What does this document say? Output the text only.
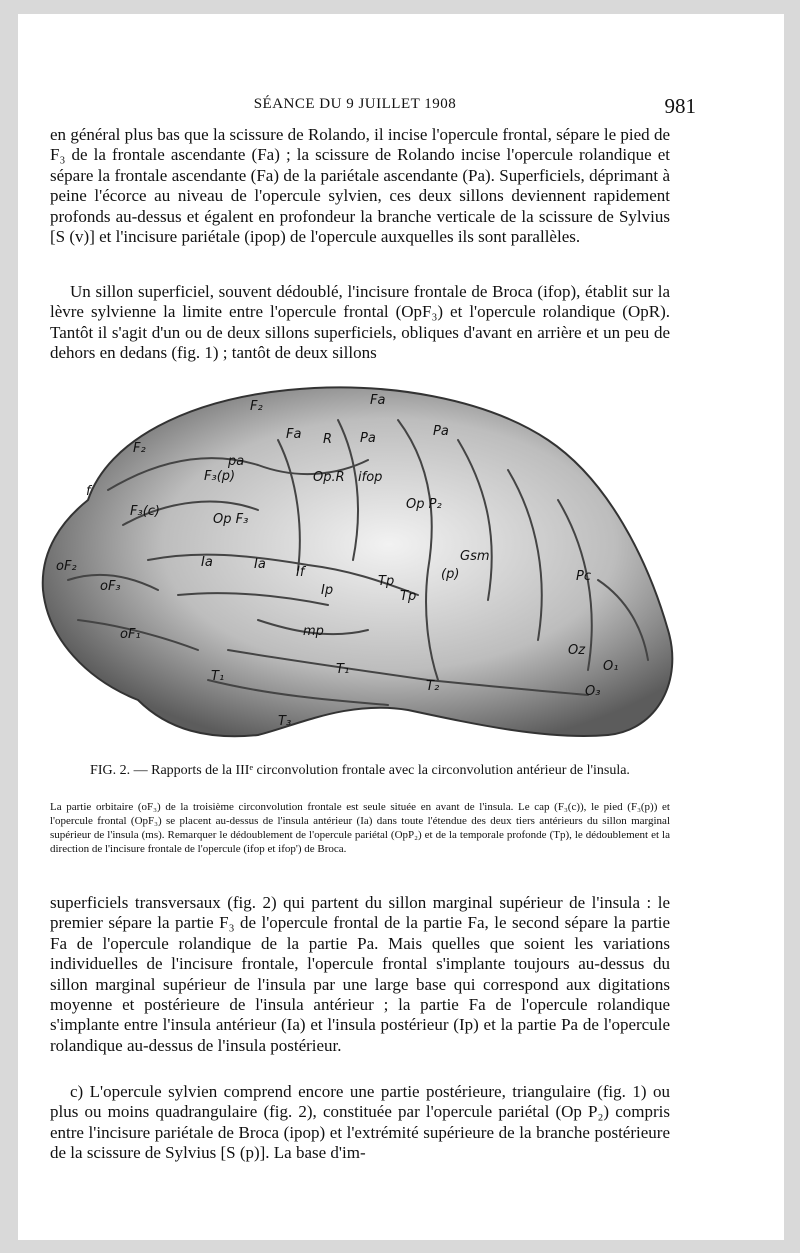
SÉANCE DU 9 JUILLET 1908	981
en général plus bas que la scissure de Rolando, il incise l'opercule frontal, sépare le pied de F₃ de la frontale ascendante (Fa) ; la scissure de Rolando incise l'opercule rolandique et sépare la frontale ascendante (Fa) de la pariétale ascendante (Pa). Superficiels, déprimant à peine l'écorce au niveau de l'opercule sylvien, ces deux sillons deviennent rapidement profonds au-dessus et égalent en profondeur la branche verticale de la scissure de Sylvius [S (v)] et l'incisure pariétale (ipop) de l'opercule auxquelles ils sont parallèles.
Un sillon superficiel, souvent dédoublé, l'incisure frontale de Broca (ifop), établit sur la lèvre sylvienne la limite entre l'opercule frontal (OpF₃) et l'opercule rolandique (OpR). Tantôt il s'agit d'un ou de deux sillons superficiels, obliques d'avant en arrière et un peu de dehors en dedans (fig. 1) ; tantôt de deux sillons
F₂	Fa
F₂
Fa R Pa	Pa
pa
F₃(p)	Op.R ifop
f
F₃(c)
Op F₃
Op P₂
Gsm
oF₂	Ia	Ia
If
Ip
(p)
Tp
Tp
oF₃
oF₁	mp
Pc
T₁	T₁
T₂
Oz
O₁
O₃
T₃
FIG. 2. — Rapports de la IIIᵉ circonvolution frontale avec la circonvolution antérieur de l'insula.
La partie orbitaire (oF₃) de la troisième circonvolution frontale est seule située en avant de l'insula. Le cap (F₃(c)), le pied (F₃(p)) et l'opercule frontal (OpF₃) se placent au-dessus de l'insula antérieur (Ia) dans toute l'étendue des deux tiers antérieurs du sillon marginal supérieur de l'insula (ms). Remarquer le dédoublement de l'opercule pariétal (OpP₂) et de la temporale profonde (Tp), le dédoublement et la direction de l'incisure frontale de l'opercule (ifop et ifop') de Broca.
superficiels transversaux (fig. 2) qui partent du sillon marginal supérieur de l'insula : le premier sépare la partie F₃ de l'opercule frontal de la partie Fa, le second sépare la partie Fa de l'opercule rolandique de la partie Pa. Mais quelles que soient les variations individuelles de l'incisure frontale, l'opercule frontal s'implante toujours au-dessus du sillon marginal supérieur de l'insula par une large base qui correspond aux digitations moyenne et postérieure de l'insula antérieur ; la partie Fa de l'opercule rolandique s'implante entre l'insula antérieur (Ia) et l'insula postérieur (Ip) et la partie Pa de l'opercule rolandique au-dessus de l'insula postérieur.
c) L'opercule sylvien comprend encore une partie postérieure, triangulaire (fig. 1) ou plus ou moins quadrangulaire (fig. 2), constituée par l'opercule pariétal (Op P₂) compris entre l'incisure pariétale de Broca (ipop) et l'extrémité supérieure de la branche postérieure de la scissure de Sylvius [S (p)]. La base d'im-
